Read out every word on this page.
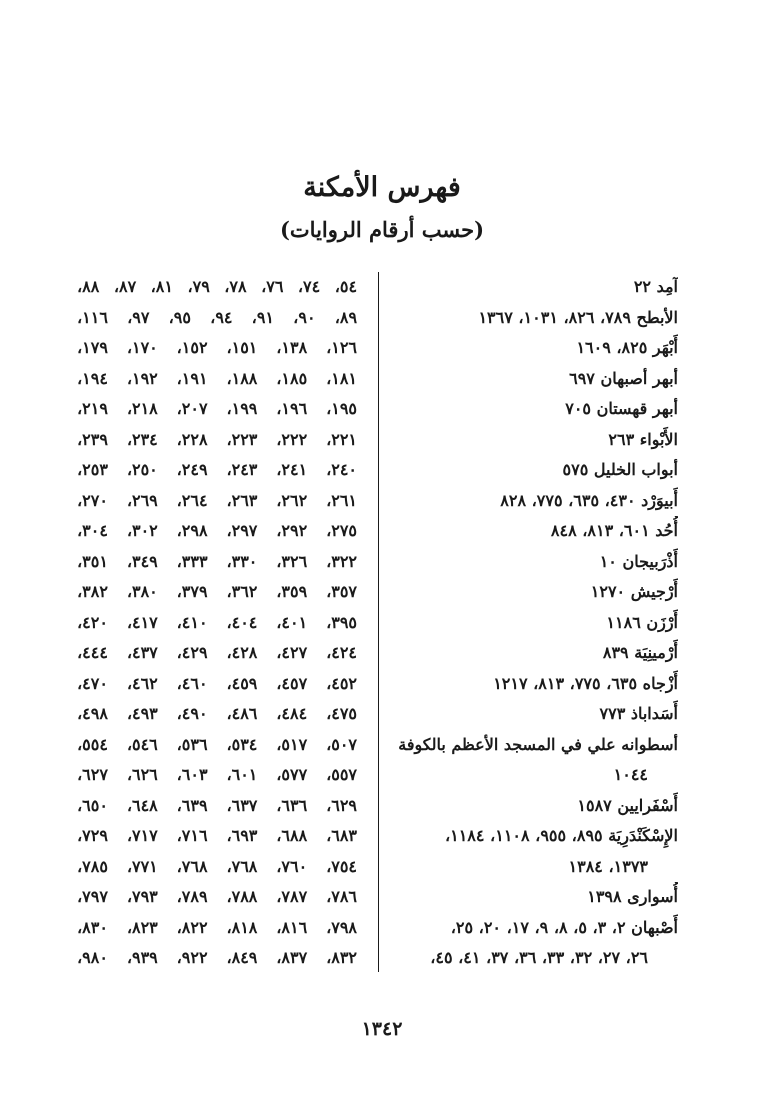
فهرس الأمكنة
(حسب أرقام الروايات)
آمِد ٢٢
الأبطح ٧٨٩، ٨٢٦، ١٠٣١، ١٣٦٧
أَبْهَر ٨٢٥، ١٦٠٩
أبهر أصبهان ٦٩٧
أبهر قهستان ٧٠٥
الأَبْواء ٢٦٣
أبواب الخليل ٥٧٥
أَبيوَرْد ٤٣٠، ٦٣٥، ٧٧٥، ٨٢٨
أُحُد ٦٠١، ٨١٣، ٨٤٨
أَذْرَبيجان ١٠
أَرْجيش ١٢٧٠
أَرْزَن ١١٨٦
أَرْمينِيَة ٨٣٩
أَزْجاه ٦٣٥، ٧٧٥، ٨١٣، ١٢١٧
أَسَداباذ ٧٧٣
أسطوانه علي في المسجد الأعظم بالكوفة
١٠٤٤
أَسْفَرايين ١٥٨٧
الإِسْكَنْدَرِيَة ٨٩٥، ٩٥٥، ١١٠٨، ١١٨٤،
١٣٧٣، ١٣٨٤
أُسوارى ١٣٩٨
أَصْبهان ٢، ٣، ٥، ٨، ٩، ١٧، ٢٠، ٢٥،
٢٦، ٢٧، ٣٢، ٣٣، ٣٦، ٣٧، ٤١، ٤٥،
٥٤، ٧٤، ٧٦، ٧٨، ٧٩، ٨١، ٨٧، ٨٨،
٨٩، ٩٠، ٩١، ٩٤، ٩٥، ٩٧، ١١٦،
١٢٦، ١٣٨، ١٥١، ١٥٢، ١٧٠، ١٧٩،
١٨١، ١٨٥، ١٨٨، ١٩١، ١٩٢، ١٩٤،
١٩٥، ١٩٦، ١٩٩، ٢٠٧، ٢١٨، ٢١٩،
٢٢١، ٢٢٢، ٢٢٣، ٢٢٨، ٢٣٤، ٢٣٩،
٢٤٠، ٢٤١، ٢٤٣، ٢٤٩، ٢٥٠، ٢٥٣،
٢٦١، ٢٦٢، ٢٦٣، ٢٦٤، ٢٦٩، ٢٧٠،
٢٧٥، ٢٩٢، ٢٩٧، ٢٩٨، ٣٠٢، ٣٠٤،
٣٢٢، ٣٢٦، ٣٣٠، ٣٣٣، ٣٤٩، ٣٥١،
٣٥٧، ٣٥٩، ٣٦٢، ٣٧٩، ٣٨٠، ٣٨٢،
٣٩٥، ٤٠١، ٤٠٤، ٤١٠، ٤١٧، ٤٢٠،
٤٢٤، ٤٢٧، ٤٢٨، ٤٢٩، ٤٣٧، ٤٤٤،
٤٥٢، ٤٥٧، ٤٥٩، ٤٦٠، ٤٦٢، ٤٧٠،
٤٧٥، ٤٨٤، ٤٨٦، ٤٩٠، ٤٩٣، ٤٩٨،
٥٠٧، ٥١٧، ٥٣٤، ٥٣٦، ٥٤٦، ٥٥٤،
٥٥٧، ٥٧٧، ٦٠١، ٦٠٣، ٦٢٦، ٦٢٧،
٦٢٩، ٦٣٦، ٦٣٧، ٦٣٩، ٦٤٨، ٦٥٠،
٦٨٣، ٦٨٨، ٦٩٣، ٧١٦، ٧١٧، ٧٢٩،
٧٥٤، ٧٦٠، ٧٦٨، ٧٦٨، ٧٧١، ٧٨٥،
٧٨٦، ٧٨٧، ٧٨٨، ٧٨٩، ٧٩٣، ٧٩٧،
٧٩٨، ٨١٦، ٨١٨، ٨٢٢، ٨٢٣، ٨٣٠،
٨٣٢، ٨٣٧، ٨٤٩، ٩٢٢، ٩٣٩، ٩٨٠،
١٣٤٢
